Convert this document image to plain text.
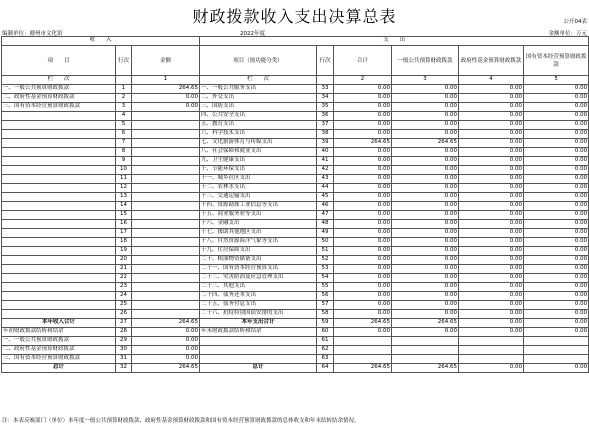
财政拨款收入支出决算总表	公开04表
编制单位：赣州市文化馆	2022年度	金额单位：万元
收　　入			支　　出					
项　　目	行次	金额	项目（按功能分类）	行次	合计	一般公共预算财政拨款	政府性基金预算财政拨款	国有资本经营预算财政拨款
栏　　次		1	栏　　次		2	3	4	5
一、一般公共预算财政拨款	1	264.65	一、一般公共服务支出	33	0.00	0.00	0.00	0.00
二、政府性基金预算财政拨款	2	0.00	二、外交支出	34	0.00	0.00	0.00	0.00
三、国有资本经营预算财政拨款	3	0.00	三、国防支出	35	0.00	0.00	0.00	0.00
	4		四、公共安全支出	36	0.00	0.00	0.00	0.00
	5		五、教育支出	37	0.00	0.00	0.00	0.00
	6		六、科学技术支出	38	0.00	0.00	0.00	0.00
	7		七、文化旅游体育与传媒支出	39	264.65	264.65	0.00	0.00
	8		八、社会保障和就业支出	40	0.00	0.00	0.00	0.00
	9		九、卫生健康支出	41	0.00	0.00	0.00	0.00
	10		十、节能环保支出	42	0.00	0.00	0.00	0.00
	11		十一、城乡社区支出	43	0.00	0.00	0.00	0.00
	12		十二、农林水支出	44	0.00	0.00	0.00	0.00
	13		十三、交通运输支出	45	0.00	0.00	0.00	0.00
	14		十四、资源勘探工业信息等支出	46	0.00	0.00	0.00	0.00
	15		十五、商业服务业等支出	47	0.00	0.00	0.00	0.00
	16		十六、金融支出	48	0.00	0.00	0.00	0.00
	17		十七、援助其他地区支出	49	0.00	0.00	0.00	0.00
	18		十八、自然资源海洋气象等支出	50	0.00	0.00	0.00	0.00
	19		十九、住房保障支出	51	0.00	0.00	0.00	0.00
	20		二十、粮油物资储备支出	52	0.00	0.00	0.00	0.00
	21		二十一、国有资本经营预算支出	53	0.00	0.00	0.00	0.00
	22		二十二、灾害防治及应急管理支出	54	0.00	0.00	0.00	0.00
	23		二十三、其他支出	55	0.00	0.00	0.00	0.00
	24		二十四、债务还本支出	56	0.00	0.00	0.00	0.00
	25		二十五、债务付息支出	57	0.00	0.00	0.00	0.00
	26		二十六、抗疫特别国债安排的支出	58	0.00	0.00	0.00	0.00
本年收入合计	27	264.65	本年支出合计	59	264.65	264.65	0.00	0.00
年初财政拨款结转和结余	28	0.00	年末财政拨款结转和结余	60	0.00	0.00	0.00	0.00
一、一般公共预算财政拨款	29	0.00		61				
二、政府性基金预算财政拨款	30	0.00		62				
三、国有资本经营预算财政拨款	31	0.00		63				
总计	32	264.65	总计	64	264.65	264.65	0.00	0.00
注：本表反映部门（单位）本年度一般公共预算财政拨款、政府性基金预算财政拨款和国有资本经营预算财政拨款的总体收支和年末结转结余情况。
